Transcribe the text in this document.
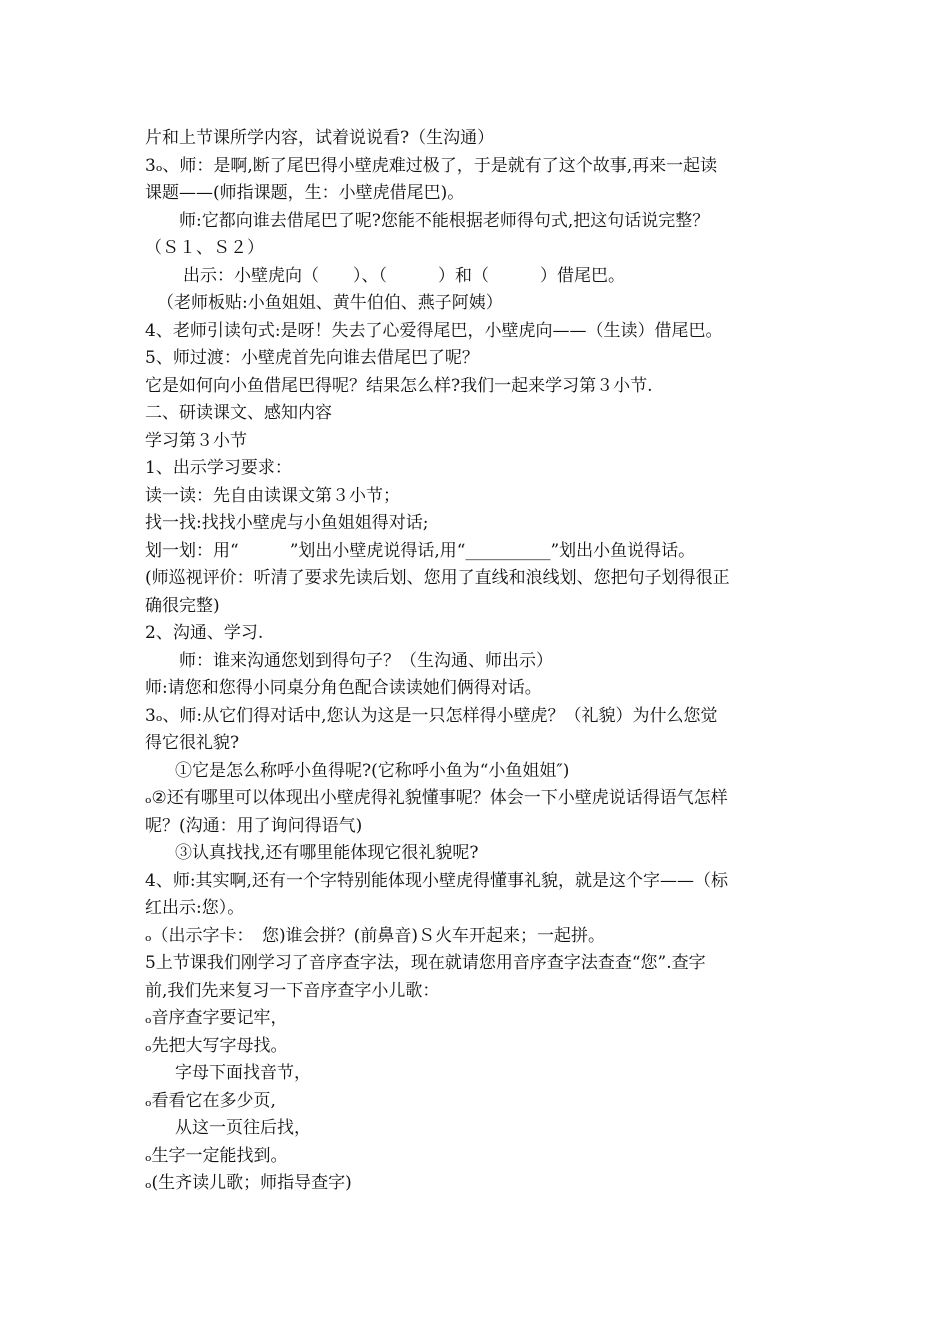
片和上节课所学内容，试着说说看?（生沟通）
3ₒ、师：是啊,断了尾巴得小壁虎难过极了，于是就有了这个故事,再来一起读
课题——(师指课题，生：小壁虎借尾巴)。
师:它都向谁去借尾巴了呢?您能不能根据老师得句式,把这句话说完整？
（Ｓ１、Ｓ２）
出示：小壁虎向（　　）、（　　　）和（　　　）借尾巴。
（老师板贴:小鱼姐姐、黄牛伯伯、燕子阿姨）
4、老师引读句式:是呀！失去了心爱得尾巴，小壁虎向——（生读）借尾巴。
5、师过渡：小壁虎首先向谁去借尾巴了呢？
它是如何向小鱼借尾巴得呢？结果怎么样?我们一起来学习第３小节.
二、研读课文、感知内容
学习第３小节
1、出示学习要求：
读一读：先自由读课文第３小节；
找一找:找找小壁虎与小鱼姐姐得对话;
划一划：用“　　　”划出小壁虎说得话,用“__________”划出小鱼说得话。
(师巡视评价：听清了要求先读后划、您用了直线和浪线划、您把句子划得很正
确很完整)
2、沟通、学习.
师：谁来沟通您划到得句子？（生沟通、师出示）
师:请您和您得小同桌分角色配合读读她们俩得对话。
3ₒ、师:从它们得对话中,您认为这是一只怎样得小壁虎？（礼貌）为什么您觉
得它很礼貌?
①它是怎么称呼小鱼得呢?(它称呼小鱼为“小鱼姐姐″)
ₒ②还有哪里可以体现出小壁虎得礼貌懂事呢？体会一下小壁虎说话得语气怎样
呢？(沟通：用了询问得语气)
③认真找找,还有哪里能体现它很礼貌呢?
4、师:其实啊,还有一个字特别能体现小壁虎得懂事礼貌，就是这个字——（标
红出示:您）。
ₒ（出示字卡：　您)谁会拼？(前鼻音)Ｓ火车开起来；一起拼。
5上节课我们刚学习了音序查字法，现在就请您用音序查字法查查“您”.查字
前,我们先来复习一下音序查字小儿歌：
ₒ音序查字要记牢，
ₒ先把大写字母找。
字母下面找音节，
ₒ看看它在多少页,
从这一页往后找，
ₒ生字一定能找到。
ₒ(生齐读儿歌；师指导查字)
